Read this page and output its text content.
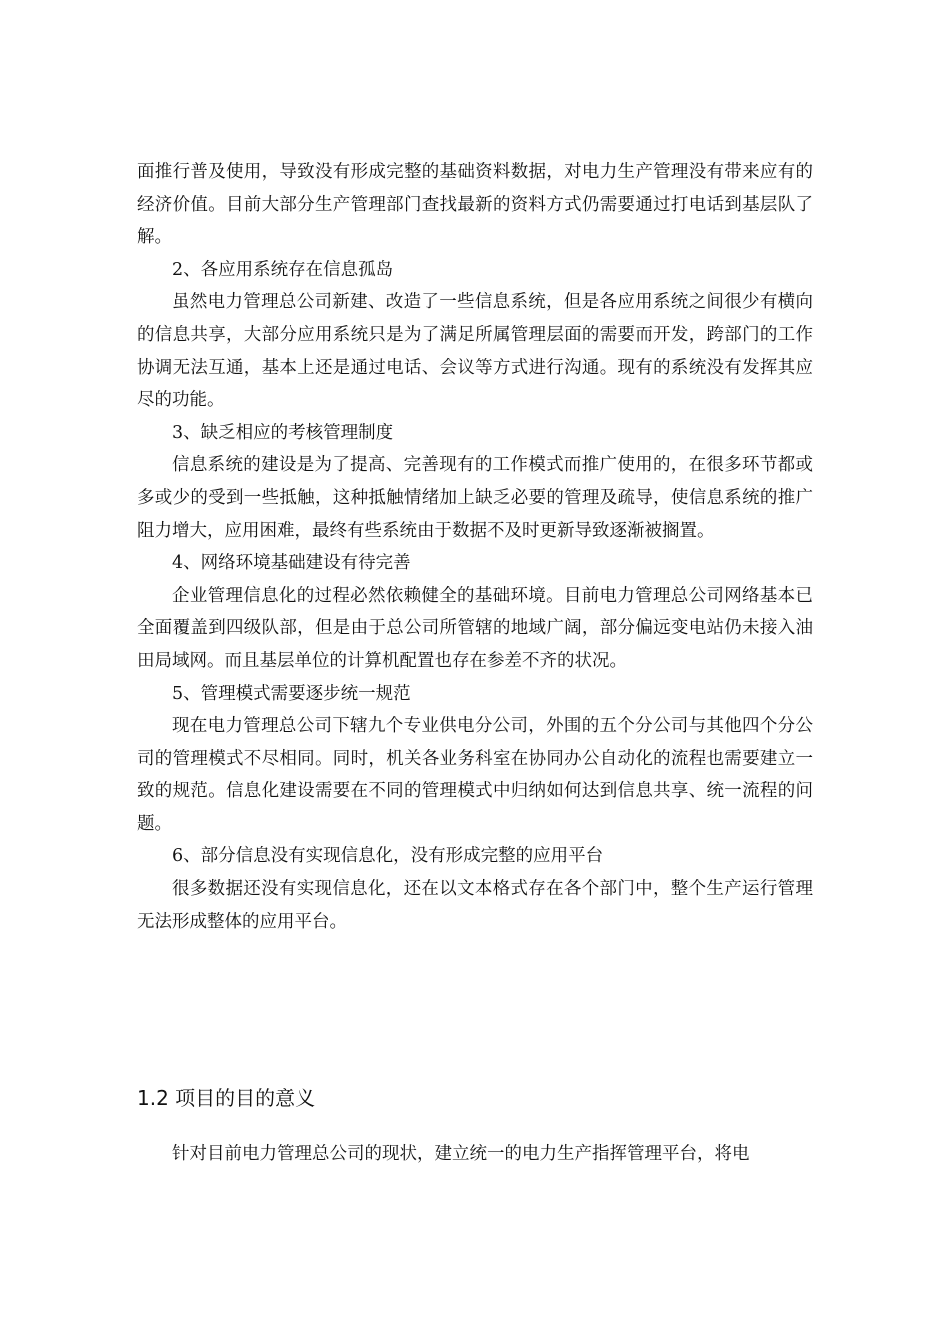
面推行普及使用，导致没有形成完整的基础资料数据，对电力生产管理没有带来应有的经济价值。目前大部分生产管理部门查找最新的资料方式仍需要通过打电话到基层队了解。

2、各应用系统存在信息孤岛

虽然电力管理总公司新建、改造了一些信息系统，但是各应用系统之间很少有横向的信息共享，大部分应用系统只是为了满足所属管理层面的需要而开发，跨部门的工作协调无法互通，基本上还是通过电话、会议等方式进行沟通。现有的系统没有发挥其应尽的功能。

3、缺乏相应的考核管理制度

信息系统的建设是为了提高、完善现有的工作模式而推广使用的，在很多环节都或多或少的受到一些抵触，这种抵触情绪加上缺乏必要的管理及疏导，使信息系统的推广阻力增大，应用困难，最终有些系统由于数据不及时更新导致逐渐被搁置。

4、网络环境基础建设有待完善

企业管理信息化的过程必然依赖健全的基础环境。目前电力管理总公司网络基本已全面覆盖到四级队部，但是由于总公司所管辖的地域广阔，部分偏远变电站仍未接入油田局域网。而且基层单位的计算机配置也存在参差不齐的状况。

5、管理模式需要逐步统一规范

现在电力管理总公司下辖九个专业供电分公司，外围的五个分公司与其他四个分公司的管理模式不尽相同。同时，机关各业务科室在协同办公自动化的流程也需要建立一致的规范。信息化建设需要在不同的管理模式中归纳如何达到信息共享、统一流程的问题。

6、部分信息没有实现信息化，没有形成完整的应用平台

很多数据还没有实现信息化，还在以文本格式存在各个部门中，整个生产运行管理无法形成整体的应用平台。

1.2 项目的目的意义

针对目前电力管理总公司的现状，建立统一的电力生产指挥管理平台，将电
